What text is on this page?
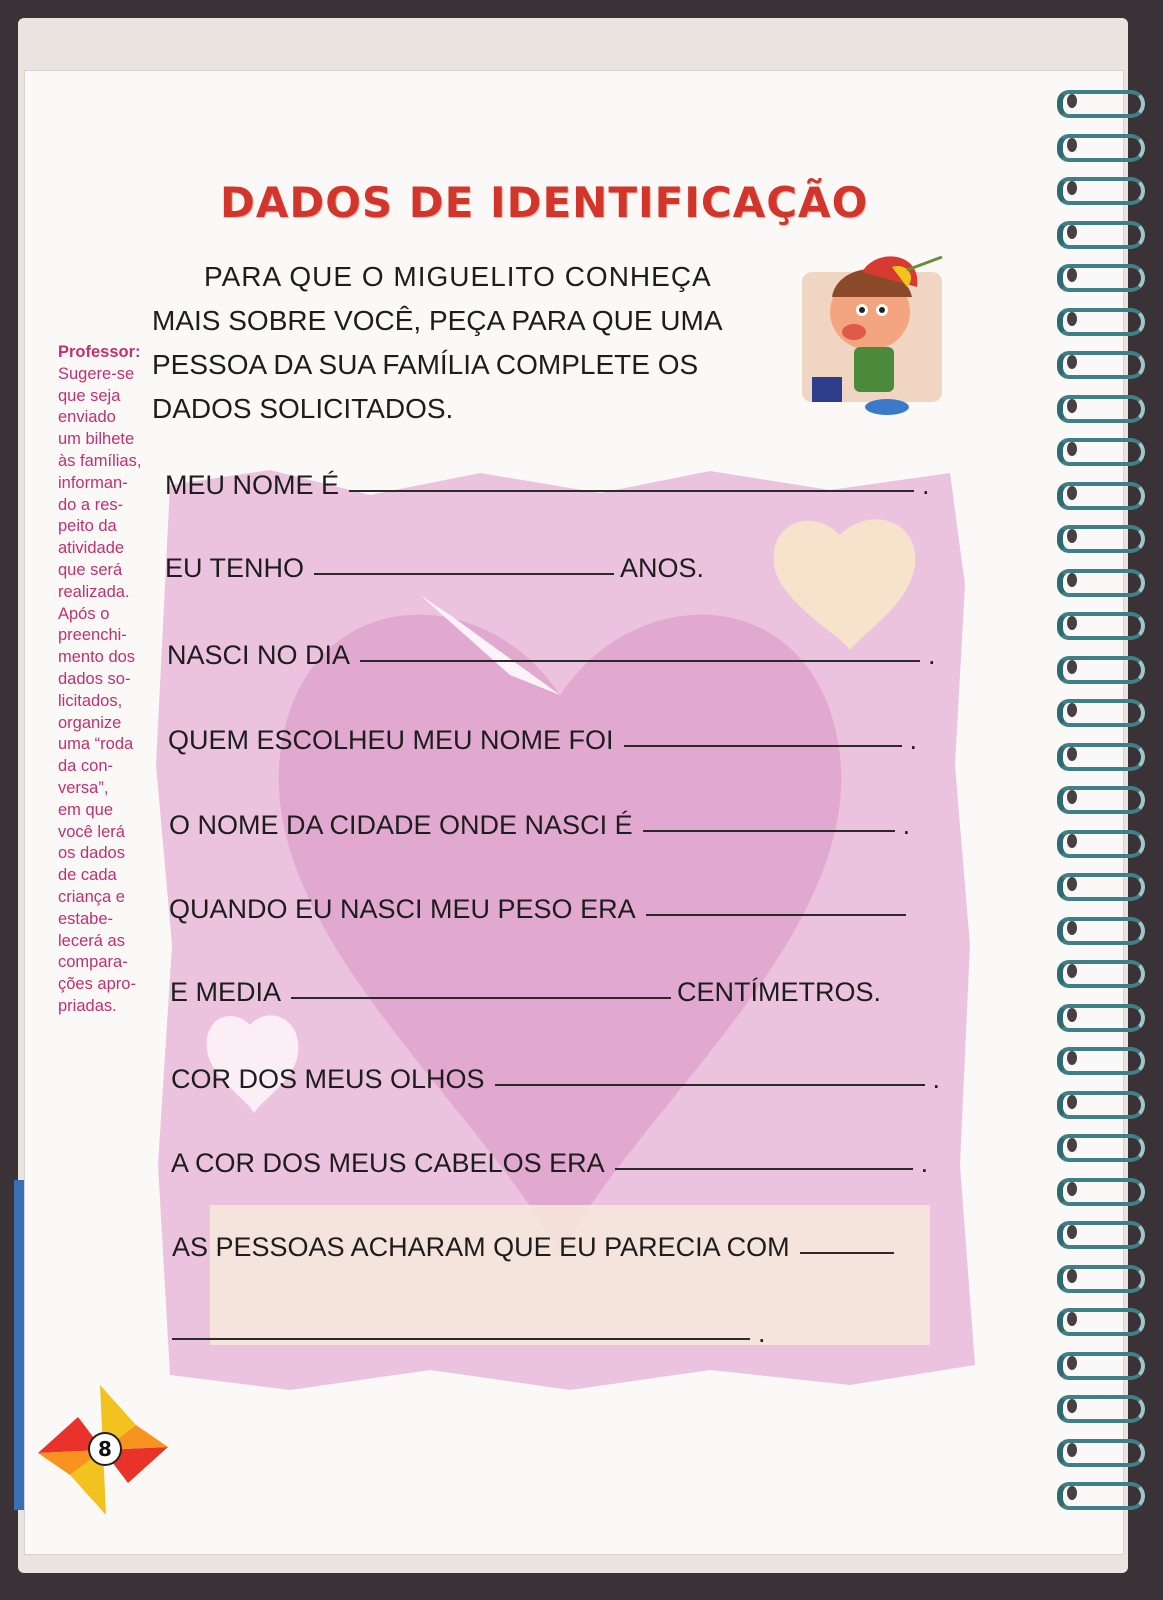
DADOS DE IDENTIFICAÇÃO

PARA QUE O MIGUELITO CONHEÇA

MAIS SOBRE VOCÊ, PEÇA PARA QUE UMA

PESSOA DA SUA FAMÍLIA COMPLETE OS

DADOS SOLICITADOS.

Professor:

Sugere-se

que seja

enviado

um bilhete

às famílias,

informan-

do a res-

peito da

atividade

que será

realizada.

Após o

preenchi-

mento dos

dados so-

licitados,

organize

uma “roda

da con-

versa”,

em que

você lerá

os dados

de cada

criança e

estabe-

lecerá as

compara-

ções apro-

priadas.

MEU NOME É	.
EU TENHO	ANOS.
NASCI NO DIA	.
QUEM ESCOLHEU MEU NOME FOI	.
O NOME DA CIDADE ONDE NASCI É	.
QUANDO EU NASCI MEU PESO ERA
E MEDIA	CENTÍMETROS.
COR DOS MEUS OLHOS	.
A COR DOS MEUS CABELOS ERA	.
AS PESSOAS ACHARAM QUE EU PARECIA COM
.
8
